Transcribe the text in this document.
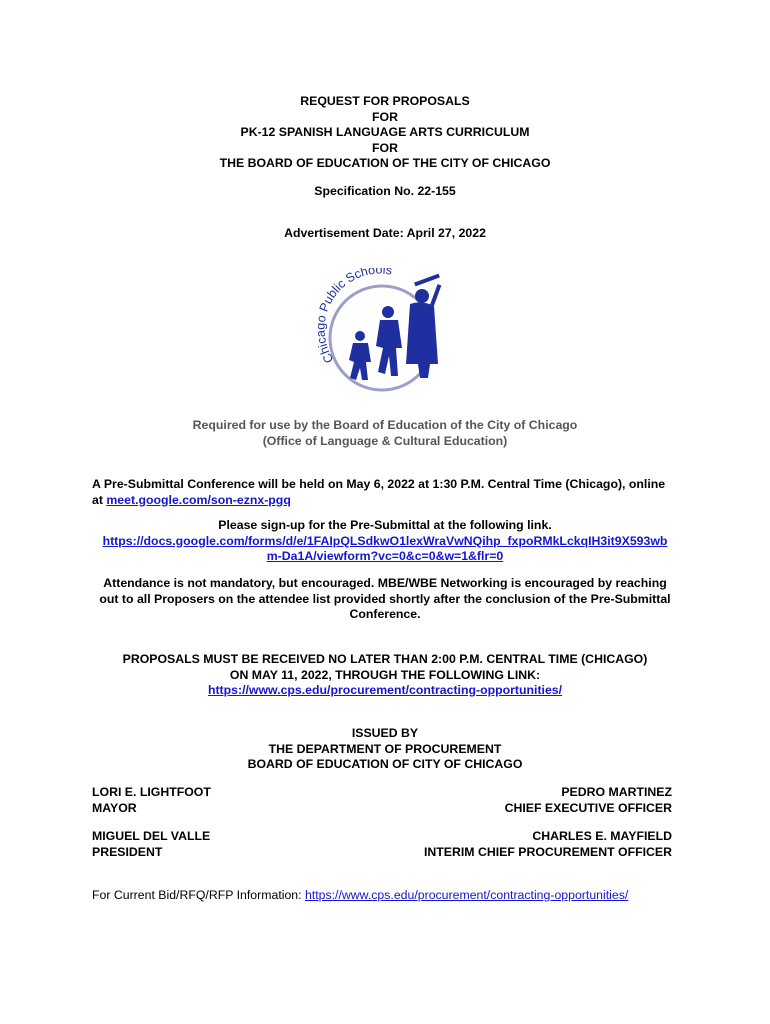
REQUEST FOR PROPOSALS
FOR
PK-12 SPANISH LANGUAGE ARTS CURRICULUM
FOR
THE BOARD OF EDUCATION OF THE CITY OF CHICAGO
Specification No. 22-155
Advertisement Date: April 27, 2022
Ch Public Schools
Required for use by the Board of Education of the City of Chicago
(Office of Language & Cultural Education)
A Pre-Submittal Conference will be held on May 6, 2022 at 1:30 P.M. Central Time (Chicago), online
at meet.google.com/son-eznx-pgq
Please sign-up for the Pre-Submittal at the following link.
https://docs.google.com/forms/d/e/1FAIpQLSdkwO1lexWraVwNQihp_fxpoRMkLckqIH3it9X593wb
m-Da1A/viewform?vc=0&c=0&w=1&flr=0
Attendance is not mandatory, but encouraged. MBE/WBE Networking is encouraged by reaching
out to all Proposers on the attendee list provided shortly after the conclusion of the Pre-Submittal
Conference.
PROPOSALS MUST BE RECEIVED NO LATER THAN 2:00 P.M. CENTRAL TIME (CHICAGO)
ON MAY 11, 2022, THROUGH THE FOLLOWING LINK:
https://www.cps.edu/procurement/contracting-opportunities/
ISSUED BY
THE DEPARTMENT OF PROCUREMENT
BOARD OF EDUCATION OF CITY OF CHICAGO
LORI E. LIGHTFOOT
MAYOR
PEDRO MARTINEZ
CHIEF EXECUTIVE OFFICER
MIGUEL DEL VALLE
PRESIDENT
CHARLES E. MAYFIELD
INTERIM CHIEF PROCUREMENT OFFICER
For Current Bid/RFQ/RFP Information: https://www.cps.edu/procurement/contracting-opportunities/
